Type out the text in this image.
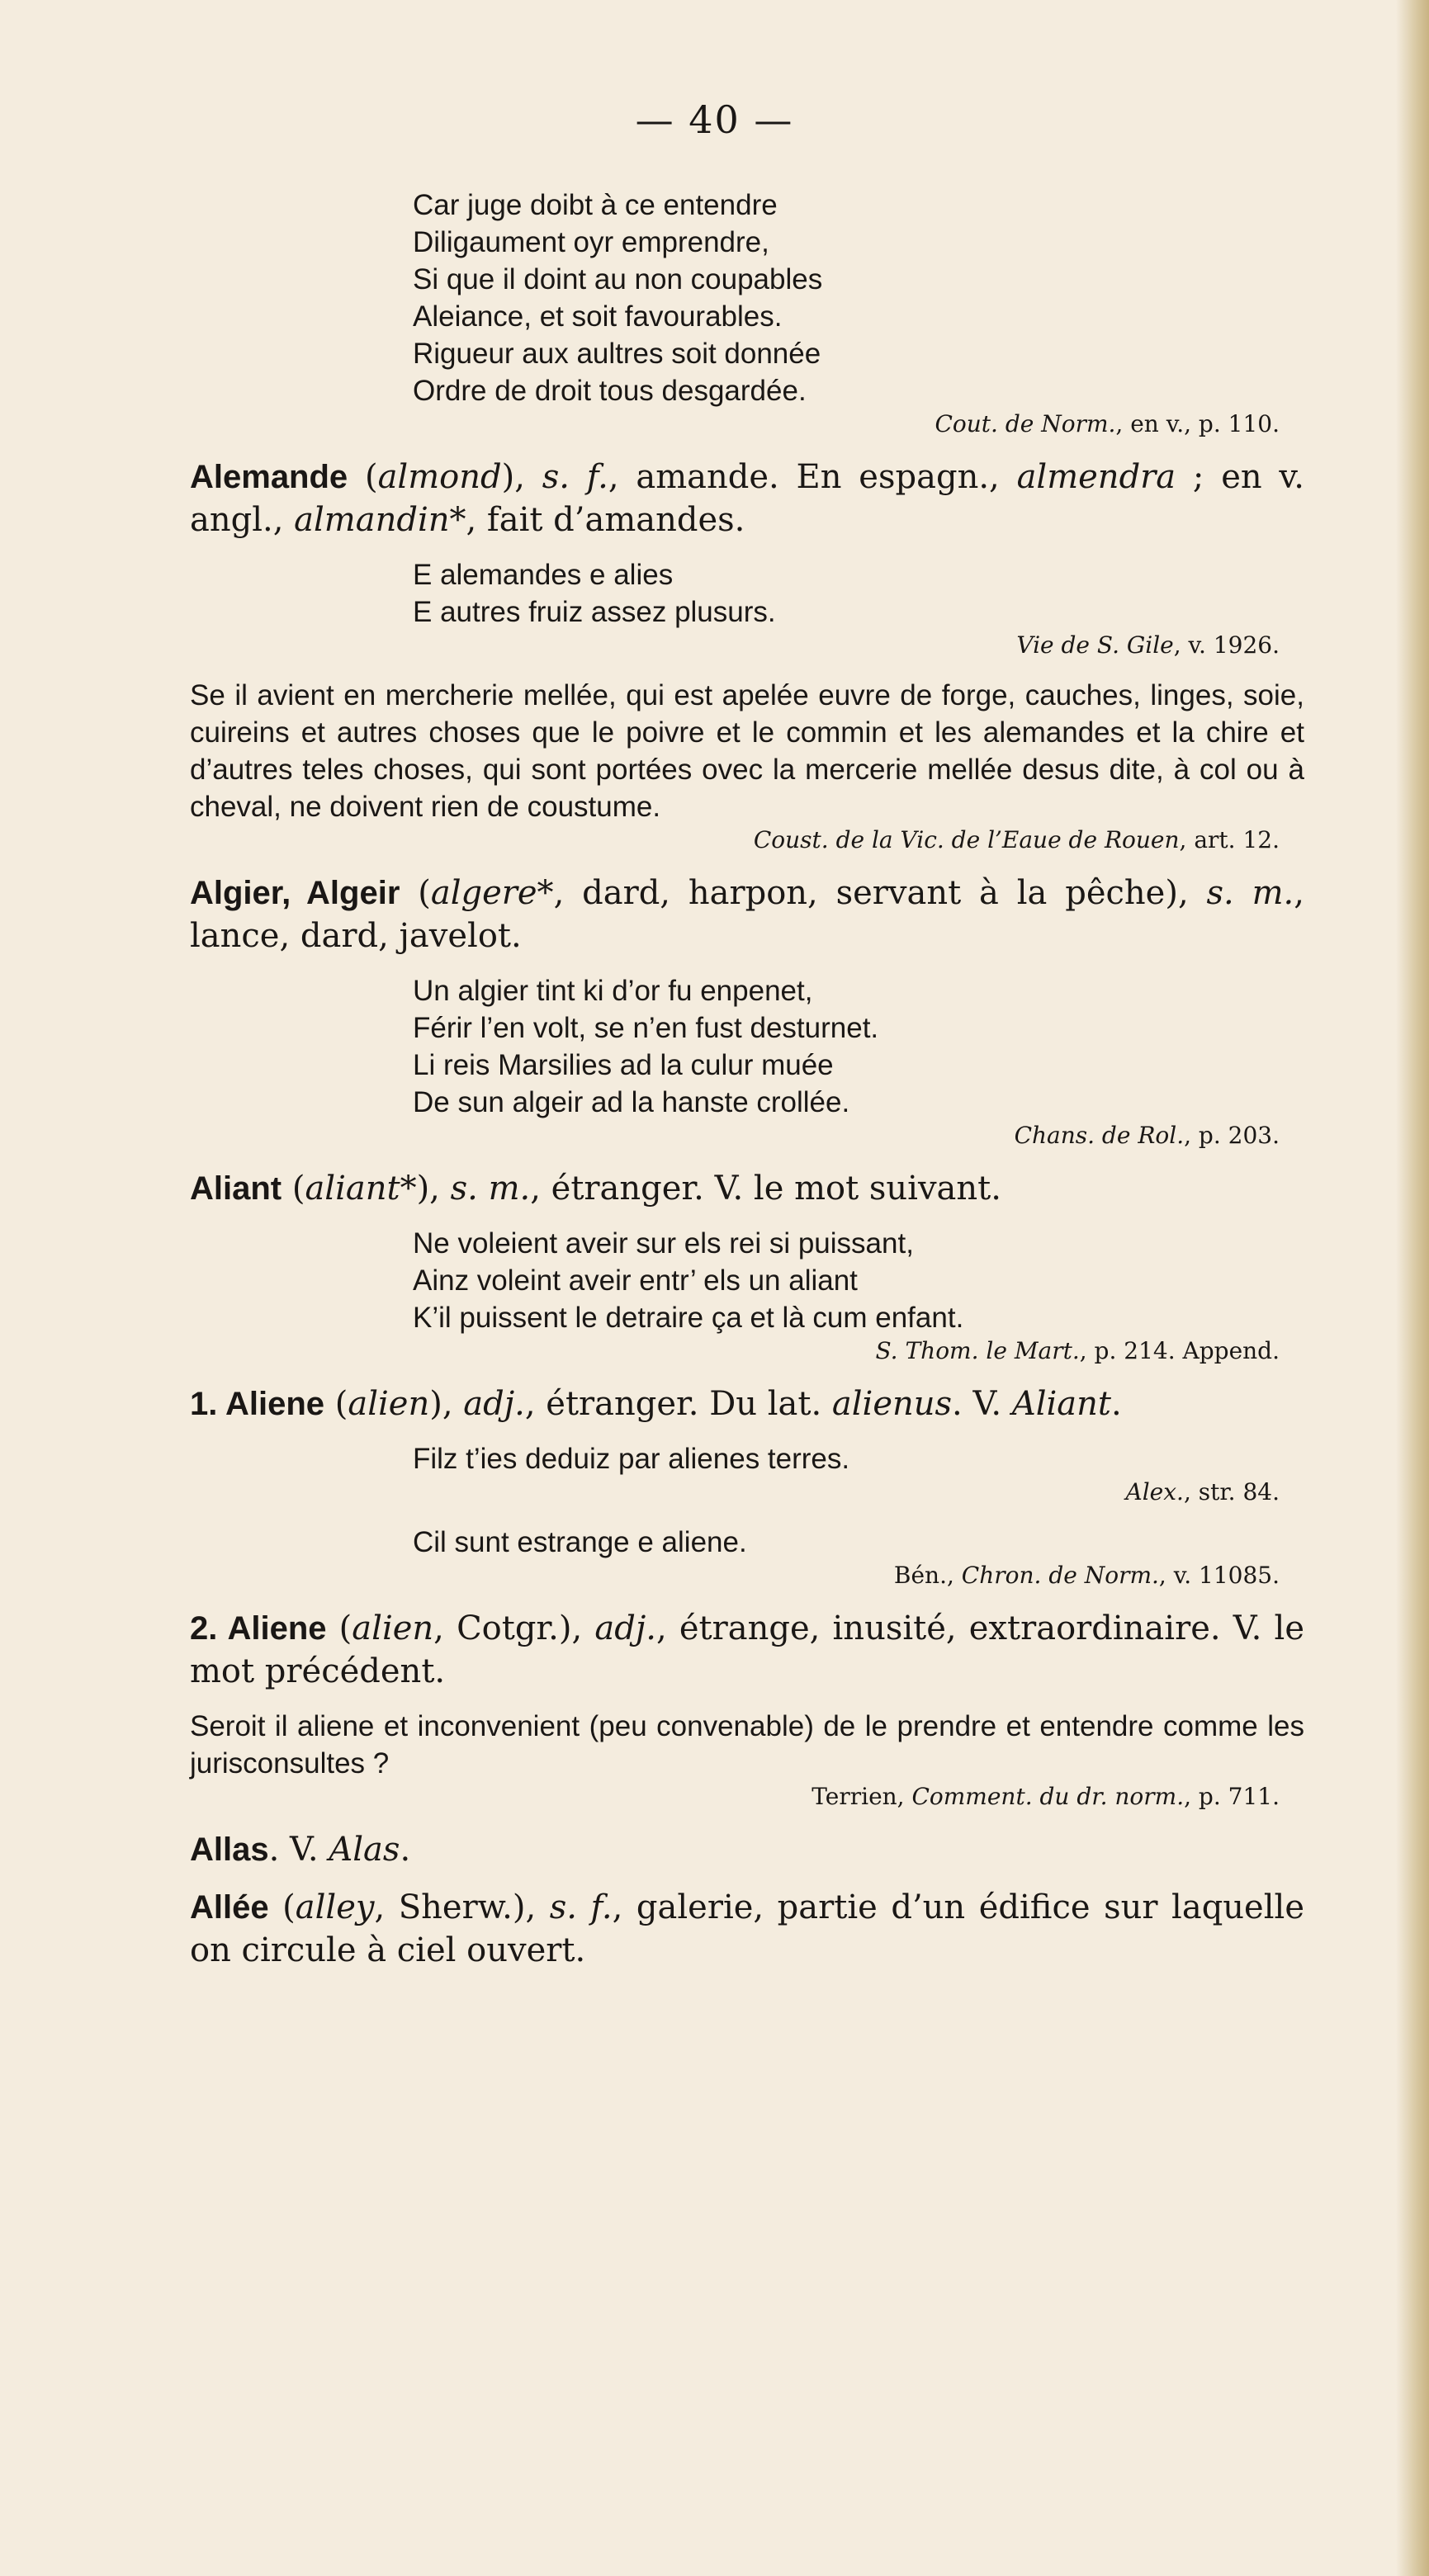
— 40 —
Car juge doibt à ce entendre
Diligaument oyr emprendre,
Si que il doint au non coupables
Aleiance, et soit favourables.
Rigueur aux aultres soit donnée
Ordre de droit tous desgardée.
Cout. de Norm., en v., p. 110.
Alemande (almond), s. f., amande. En espagn., almendra ; en v. angl., almandin*, fait d’amandes.
E alemandes e alies
E autres fruiz assez plusurs.
Vie de S. Gile, v. 1926.
Se il avient en mercherie mellée, qui est apelée euvre de forge, cauches, linges, soie, cuireins et autres choses que le poivre et le commin et les alemandes et la chire et d’autres teles choses, qui sont portées ovec la mercerie mellée desus dite, à col ou à cheval, ne doivent rien de coustume.
Coust. de la Vic. de l’Eaue de Rouen, art. 12.
Algier, Algeir (algere*, dard, harpon, servant à la pêche), s. m., lance, dard, javelot.
Un algier tint ki d’or fu enpenet,
Férir l’en volt, se n’en fust desturnet.
Li reis Marsilies ad la culur muée
De sun algeir ad la hanste crollée.
Chans. de Rol., p. 203.
Aliant (aliant*), s. m., étranger. V. le mot suivant.
Ne voleient aveir sur els rei si puissant,
Ainz voleint aveir entr’ els un aliant
K’il puissent le detraire ça et là cum enfant.
S. Thom. le Mart., p. 214. Append.
1. Aliene (alien), adj., étranger. Du lat. alienus. V. Aliant.
Filz t’ies deduiz par alienes terres.
Alex., str. 84.
Cil sunt estrange e aliene.
Bén., Chron. de Norm., v. 11085.
2. Aliene (alien, Cotgr.), adj., étrange, inusité, extraordinaire. V. le mot précédent.
Seroit il aliene et inconvenient (peu convenable) de le prendre et entendre comme les jurisconsultes ?
Terrien, Comment. du dr. norm., p. 711.
Allas. V. Alas.
Allée (alley, Sherw.), s. f., galerie, partie d’un édifice sur laquelle on circule à ciel ouvert.
